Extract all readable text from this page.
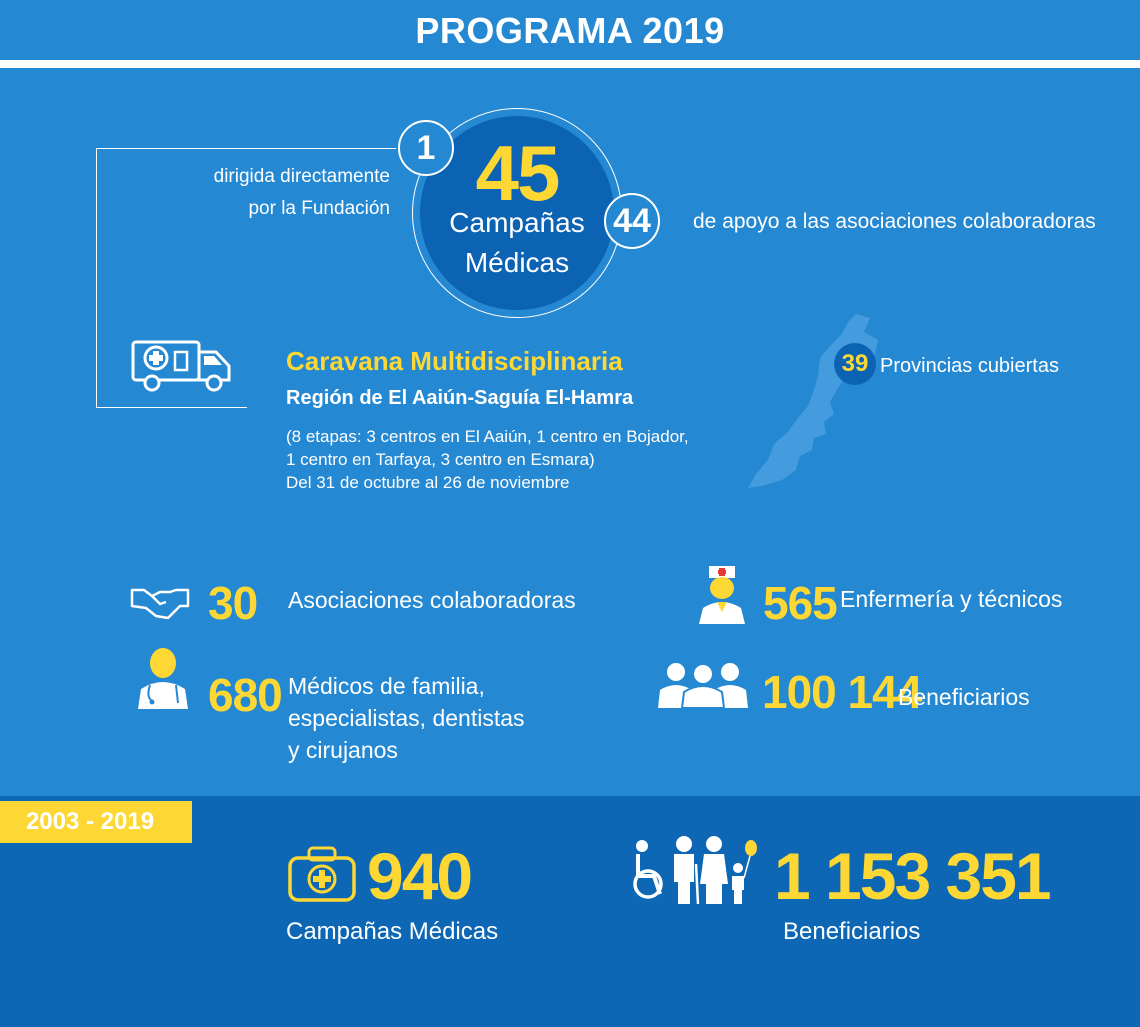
PROGRAMA 2019
45
Campañas
Médicas
1
dirigida directamente
por la Fundación	44	de apoyo a las asociaciones colaboradoras
Caravana Multidisciplinaria
Región de El Aaiún-Saguía El-Hamra
(8 etapas: 3 centros en El Aaiún, 1 centro en Bojador,
1 centro en Tarfaya, 3 centro en Esmara)
Del 31 de octubre al 26 de noviembre
39 Provincias cubiertas
30 Asociaciones colaboradoras	565 Enfermería y técnicos
680 Médicos de familia,
especialistas, dentistas
y cirujanos
100 144
Beneficiarios
2003 - 2019
940
Campañas Médicas
1 153 351
Beneficiarios
